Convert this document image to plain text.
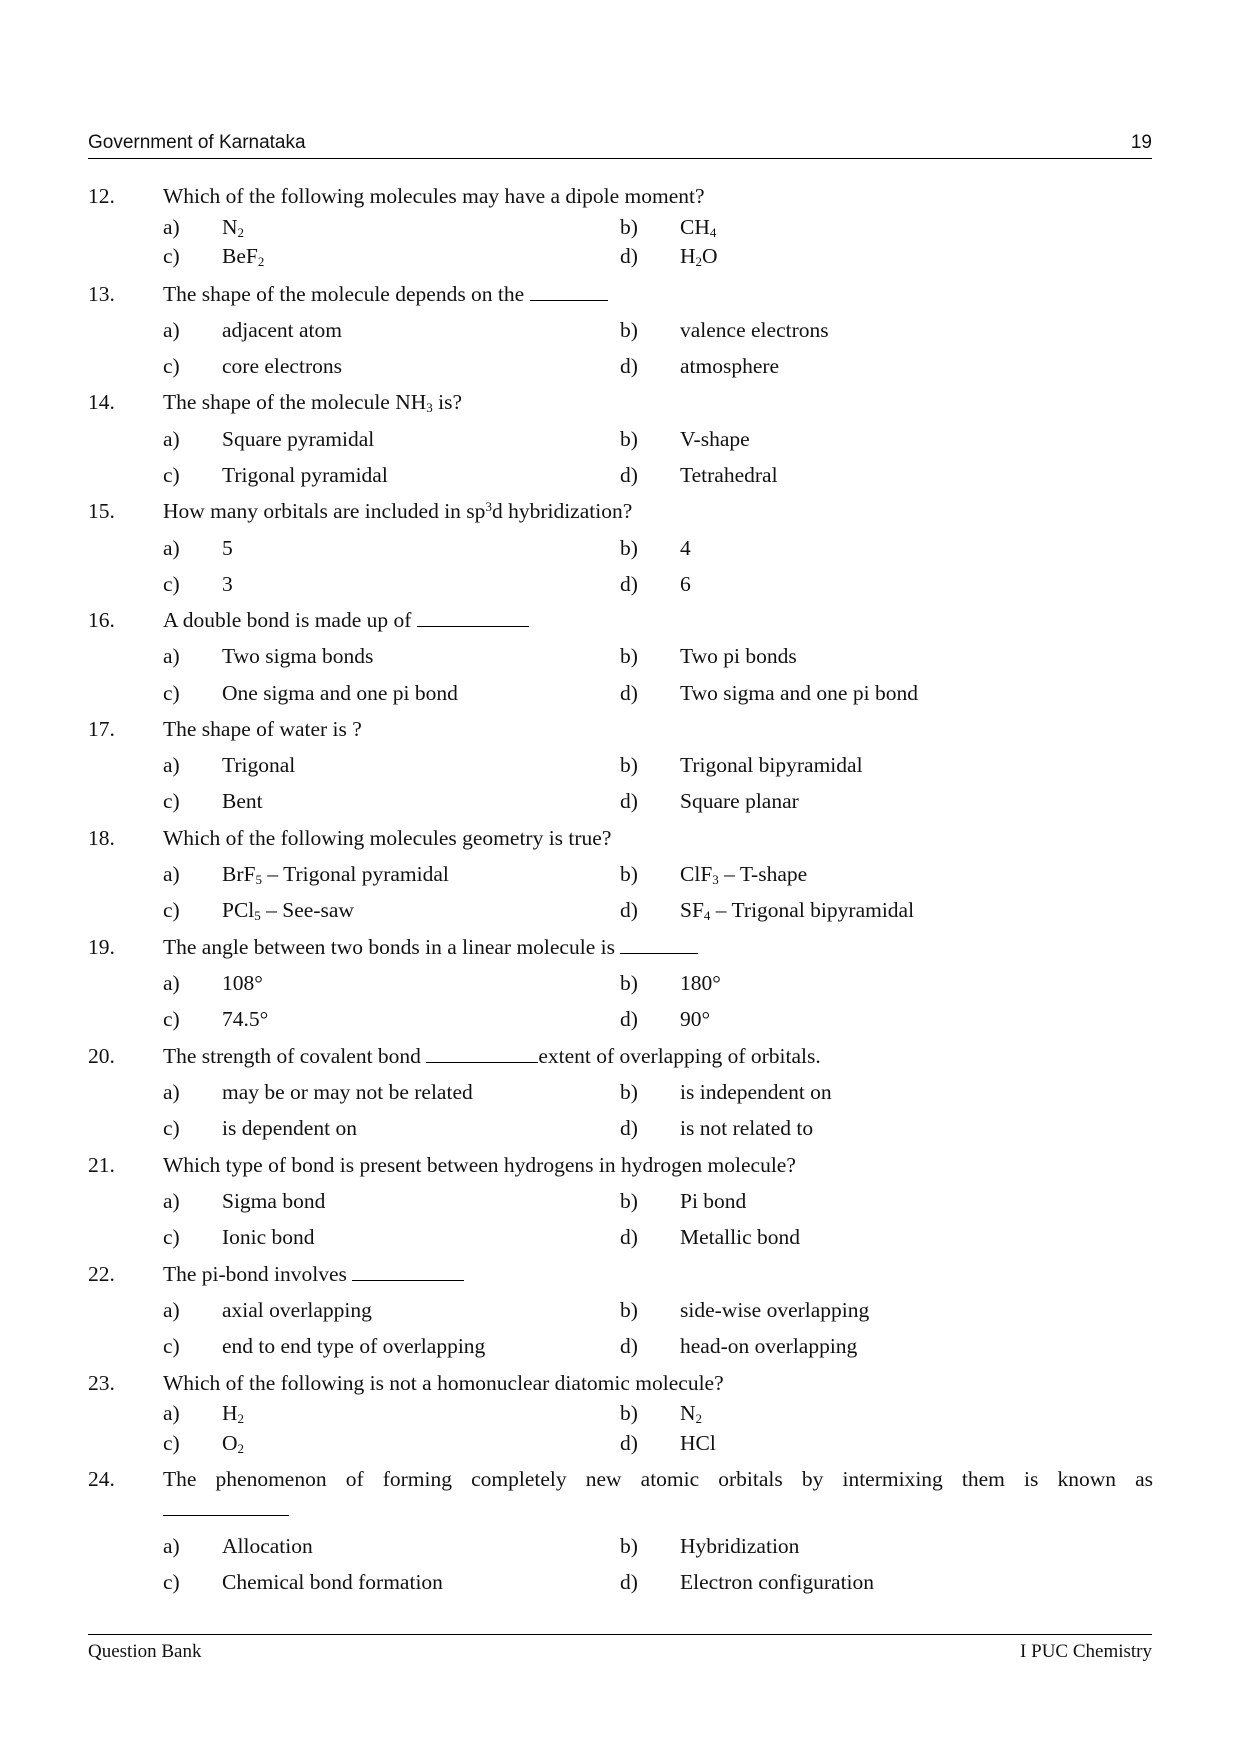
Government of Karnataka	19
12. Which of the following molecules may have a dipole moment?
a) $N_2$	b) $CH_4$
c) BeF$_2$	d) $H_2O$
13. The shape of the molecule depends on the
a) adjacent atom	b) valence electrons
c) core electrons	d) atmosphere
14. The shape of the molecule $NH_3$ is?
a) Square pyramidal	b) V-shape
c) Trigonal pyramidal	d) Tetrahedral
15. How many orbitals are included in $sp^3d$ hybridization?
a) 5	b) 4
c) 3	d) 6
16. A double bond is made up of
a) Two sigma bonds	b) Two pi bonds
c) One sigma and one pi bond	d) Two sigma and one pi bond
17. The shape of water is ?
a) Trigonal	b) Trigonal bipyramidal
c) Bent	d) Square planar
18. Which of the following molecules geometry is true?
a) BrF$_5$ – Trigonal pyramidal	b) ClF$_3$ – T-shape
c) PCl$_5$ – See-saw	d) $SF_4$ – Trigonal bipyramidal
19. The angle between two bonds in a linear molecule is
a) 108°	b) 180°
c) 74.5°	d) 90°
20. The strength of covalent bond	extent of overlapping of orbitals.
a) may be or may not be related	b) is independent on
c) is dependent on	d) is not related to
21. Which type of bond is present between hydrogens in hydrogen molecule?
a) Sigma bond	b) Pi bond
c) Ionic bond	d) Metallic bond
22. The pi-bond involves
a) axial overlapping	b) side-wise overlapping
c) end to end type of overlapping	d) head-on overlapping
23. Which of the following is not a homonuclear diatomic molecule?
a) $H_2$	b) $N_2$
c) $O_2$	d) HCl
24. The phenomenon of forming completely new atomic orbitals by intermixing them is known as
a) Allocation	b) Hybridization
c) Chemical bond formation	d) Electron configuration
Question Bank	I PUC Chemistry
